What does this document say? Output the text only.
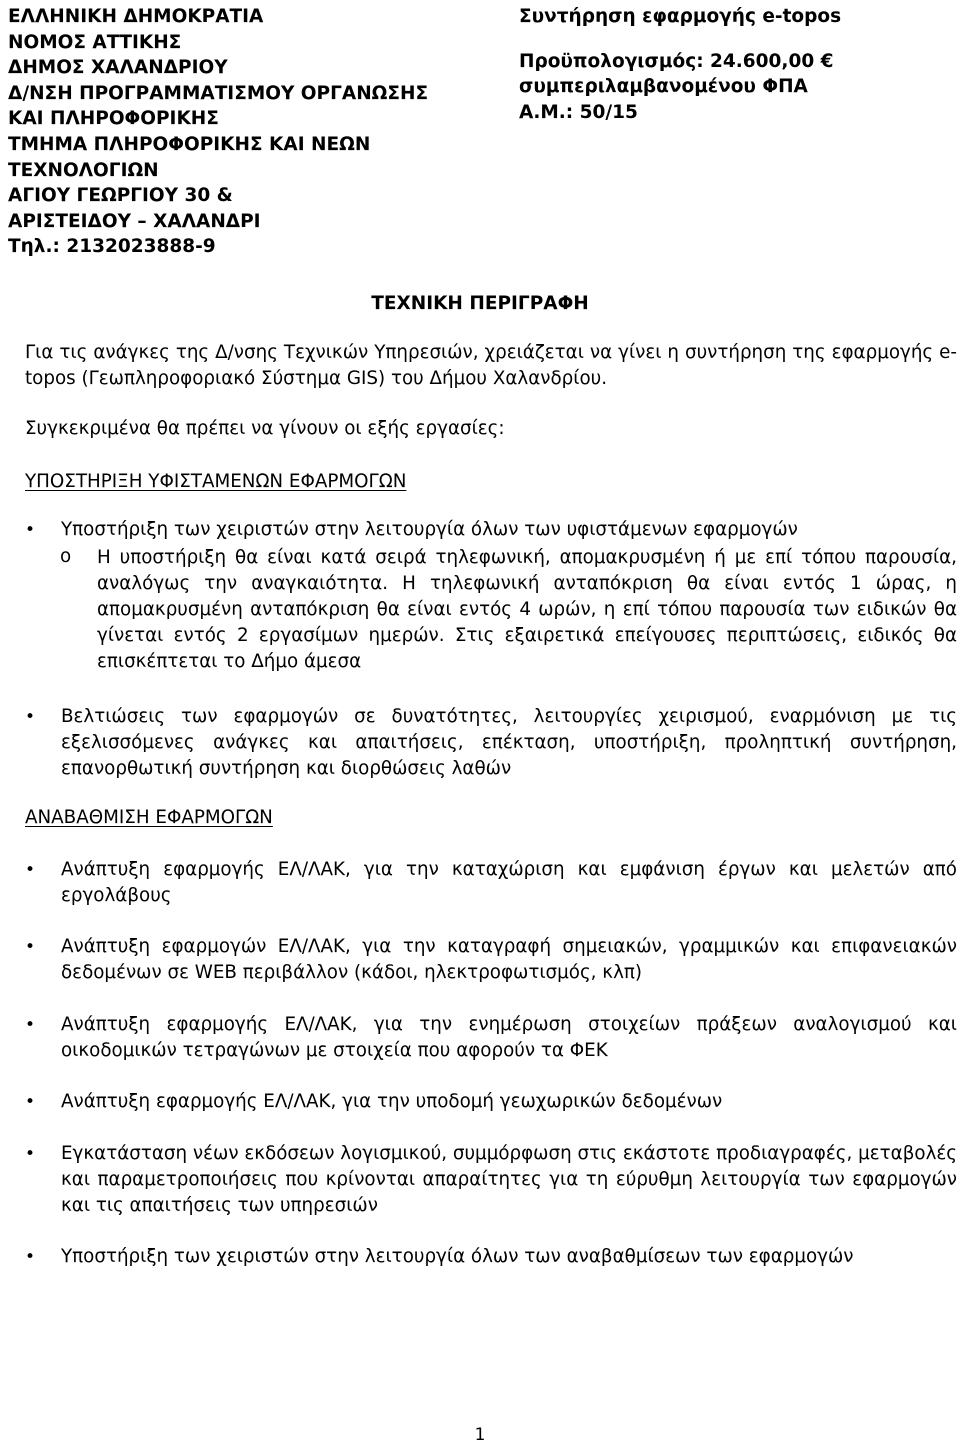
ΕΛΛΗΝΙΚΗ ΔΗΜΟΚΡΑΤΙΑ
ΝΟΜΟΣ ΑΤΤΙΚΗΣ
ΔΗΜΟΣ ΧΑΛΑΝΔΡΙΟΥ
Δ/ΝΣΗ ΠΡΟΓΡΑΜΜΑΤΙΣΜΟΥ ΟΡΓΑΝΩΣΗΣ
ΚΑΙ ΠΛΗΡΟΦΟΡΙΚΗΣ
ΤΜΗΜΑ ΠΛΗΡΟΦΟΡΙΚΗΣ ΚΑΙ ΝΕΩΝ
ΤΕΧΝΟΛΟΓΙΩΝ
ΑΓΙΟΥ ΓΕΩΡΓΙΟΥ 30 &
ΑΡΙΣΤΕΙΔΟΥ – ΧΑΛΑΝΔΡΙ
Τηλ.: 2132023888-9
Συντήρηση εφαρμογής e-topos
Προϋπολογισμός: 24.600,00 €
συμπεριλαμβανομένου ΦΠΑ
Α.Μ.: 50/15
ΤΕΧΝΙΚΗ ΠΕΡΙΓΡΑΦΗ
Για τις ανάγκες της Δ/νσης Τεχνικών Υπηρεσιών, χρειάζεται να γίνει η συντήρηση της εφαρμογής e-topos (Γεωπληροφοριακό Σύστημα GIS) του Δήμου Χαλανδρίου.
Συγκεκριμένα θα πρέπει να γίνουν οι εξής εργασίες:
ΥΠΟΣΤΗΡΙΞΗ ΥΦΙΣΤΑΜΕΝΩΝ ΕΦΑΡΜΟΓΩΝ
•	Υποστήριξη των χειριστών στην λειτουργία όλων των υφιστάμενων εφαρμογών
o	Η υποστήριξη θα είναι κατά σειρά τηλεφωνική, απομακρυσμένη ή με επί τόπου παρουσία, αναλόγως την αναγκαιότητα. Η τηλεφωνική ανταπόκριση θα είναι εντός 1 ώρας, η απομακρυσμένη ανταπόκριση θα είναι εντός 4 ωρών, η επί τόπου παρουσία των ειδικών θα γίνεται εντός 2 εργασίμων ημερών. Στις εξαιρετικά επείγουσες περιπτώσεις, ειδικός θα επισκέπτεται το Δήμο άμεσα
•	Βελτιώσεις των εφαρμογών σε δυνατότητες, λειτουργίες χειρισμού, εναρμόνιση με τις εξελισσόμενες ανάγκες και απαιτήσεις, επέκταση, υποστήριξη, προληπτική συντήρηση, επανορθωτική συντήρηση και διορθώσεις λαθών
ΑΝΑΒΑΘΜΙΣΗ ΕΦΑΡΜΟΓΩΝ
•	Ανάπτυξη εφαρμογής ΕΛ/ΛΑΚ, για την καταχώριση και εμφάνιση έργων και μελετών από εργολάβους
•	Ανάπτυξη εφαρμογών ΕΛ/ΛΑΚ, για την καταγραφή σημειακών, γραμμικών και επιφανειακών δεδομένων σε WEB περιβάλλον (κάδοι, ηλεκτροφωτισμός, κλπ)
•	Ανάπτυξη εφαρμογής ΕΛ/ΛΑΚ, για την ενημέρωση στοιχείων πράξεων αναλογισμού και οικοδομικών τετραγώνων με στοιχεία που αφορούν τα ΦΕΚ
•	Ανάπτυξη εφαρμογής ΕΛ/ΛΑΚ, για την υποδομή γεωχωρικών δεδομένων
•	Εγκατάσταση νέων εκδόσεων λογισμικού, συμμόρφωση στις εκάστοτε προδιαγραφές, μεταβολές και παραμετροποιήσεις που κρίνονται απαραίτητες για τη εύρυθμη λειτουργία των εφαρμογών και τις απαιτήσεις των υπηρεσιών
•	Υποστήριξη των χειριστών στην λειτουργία όλων των αναβαθμίσεων των εφαρμογών
1
